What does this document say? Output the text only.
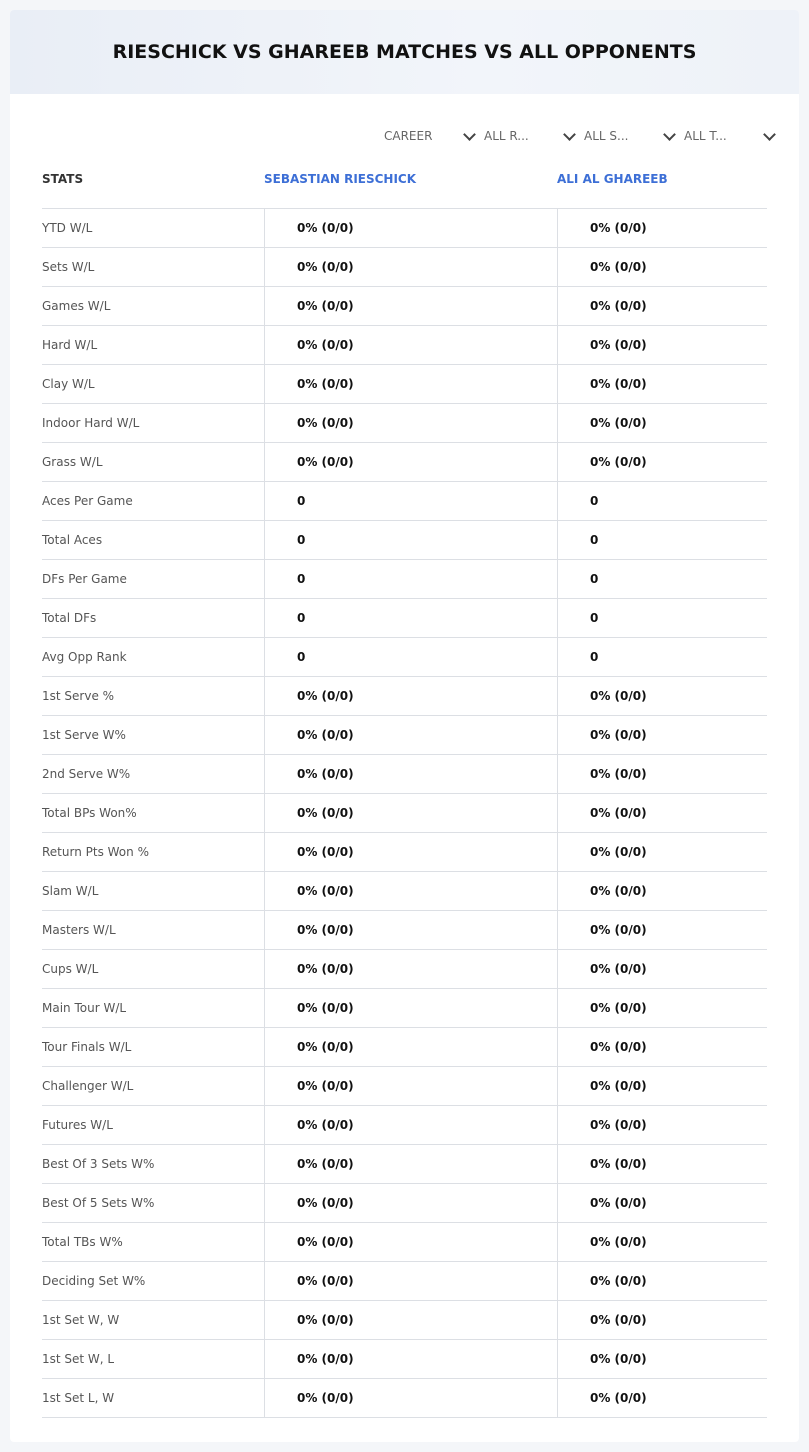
RIESCHICK VS GHAREEB MATCHES VS ALL OPPONENTS
CAREER	ALL R...	ALL S...	ALL T...
STATS	SEBASTIAN RIESCHICK	ALI AL GHAREEB
YTD W/L	0% (0/0)	0% (0/0)
Sets W/L	0% (0/0)	0% (0/0)
Games W/L	0% (0/0)	0% (0/0)
Hard W/L	0% (0/0)	0% (0/0)
Clay W/L	0% (0/0)	0% (0/0)
Indoor Hard W/L	0% (0/0)	0% (0/0)
Grass W/L	0% (0/0)	0% (0/0)
Aces Per Game	0	0
Total Aces	0	0
DFs Per Game	0	0
Total DFs	0	0
Avg Opp Rank	0	0
1st Serve %	0% (0/0)	0% (0/0)
1st Serve W%	0% (0/0)	0% (0/0)
2nd Serve W%	0% (0/0)	0% (0/0)
Total BPs Won%	0% (0/0)	0% (0/0)
Return Pts Won %	0% (0/0)	0% (0/0)
Slam W/L	0% (0/0)	0% (0/0)
Masters W/L	0% (0/0)	0% (0/0)
Cups W/L	0% (0/0)	0% (0/0)
Main Tour W/L	0% (0/0)	0% (0/0)
Tour Finals W/L	0% (0/0)	0% (0/0)
Challenger W/L	0% (0/0)	0% (0/0)
Futures W/L	0% (0/0)	0% (0/0)
Best Of 3 Sets W%	0% (0/0)	0% (0/0)
Best Of 5 Sets W%	0% (0/0)	0% (0/0)
Total TBs W%	0% (0/0)	0% (0/0)
Deciding Set W%	0% (0/0)	0% (0/0)
1st Set W, W	0% (0/0)	0% (0/0)
1st Set W, L	0% (0/0)	0% (0/0)
1st Set L, W	0% (0/0)	0% (0/0)
